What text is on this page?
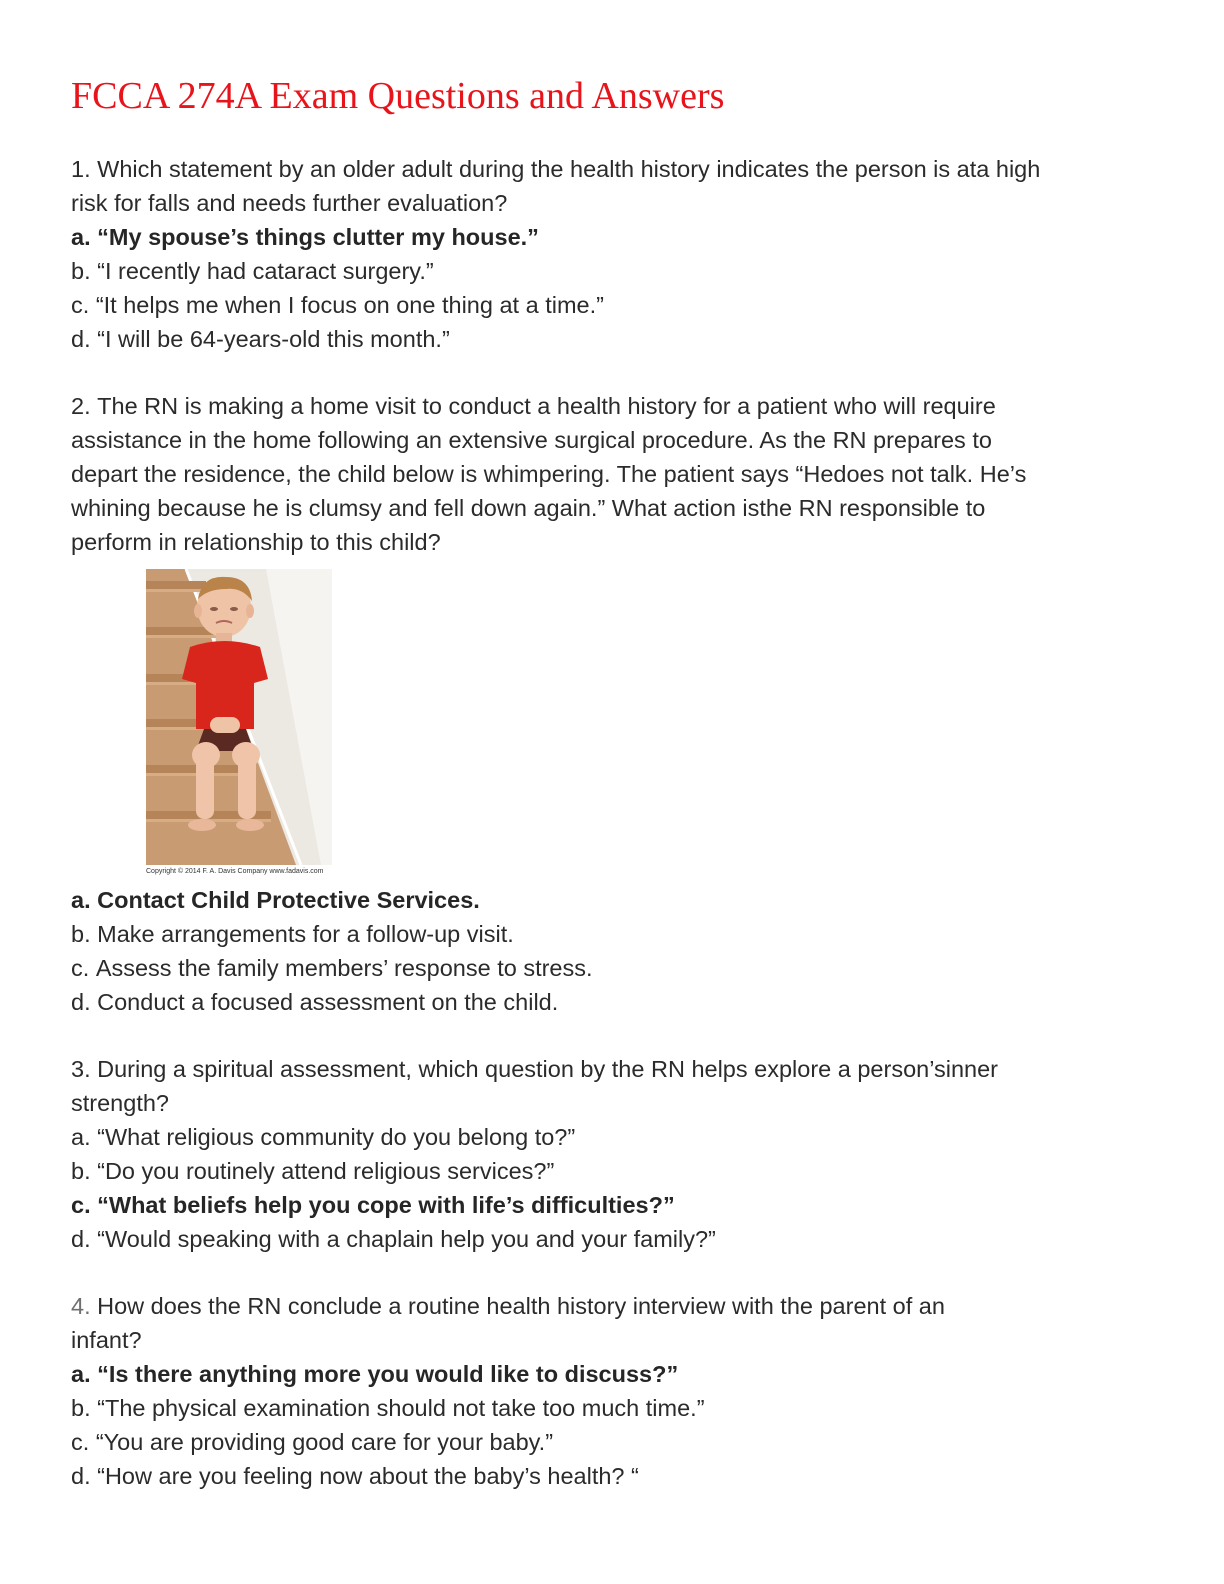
FCCA 274A Exam Questions and Answers
1. Which statement by an older adult during the health history indicates the person is ata high
risk for falls and needs further evaluation?
a. “My spouse’s things clutter my house.”
b. “I recently had cataract surgery.”
c. “It helps me when I focus on one thing at a time.”
d. “I will be 64-years-old this month.”
2. The RN is making a home visit to conduct a health history for a patient who will require
assistance in the home following an extensive surgical procedure. As the RN prepares to
depart the residence, the child below is whimpering. The patient says “Hedoes not talk. He’s
whining because he is clumsy and fell down again.” What action isthe RN responsible to
perform in relationship to this child?
Copyright © 2014 F. A. Davis Company www.fadavis.com
a. Contact Child Protective Services.
b. Make arrangements for a follow-up visit.
c. Assess the family members’ response to stress.
d. Conduct a focused assessment on the child.
3. During a spiritual assessment, which question by the RN helps explore a person’sinner
strength?
a. “What religious community do you belong to?”
b. “Do you routinely attend religious services?”
c. “What beliefs help you cope with life’s difficulties?”
d. “Would speaking with a chaplain help you and your family?”
4. How does the RN conclude a routine health history interview with the parent of an
infant?
a. “Is there anything more you would like to discuss?”
b. “The physical examination should not take too much time.”
c. “You are providing good care for your baby.”
d. “How are you feeling now about the baby’s health? “
